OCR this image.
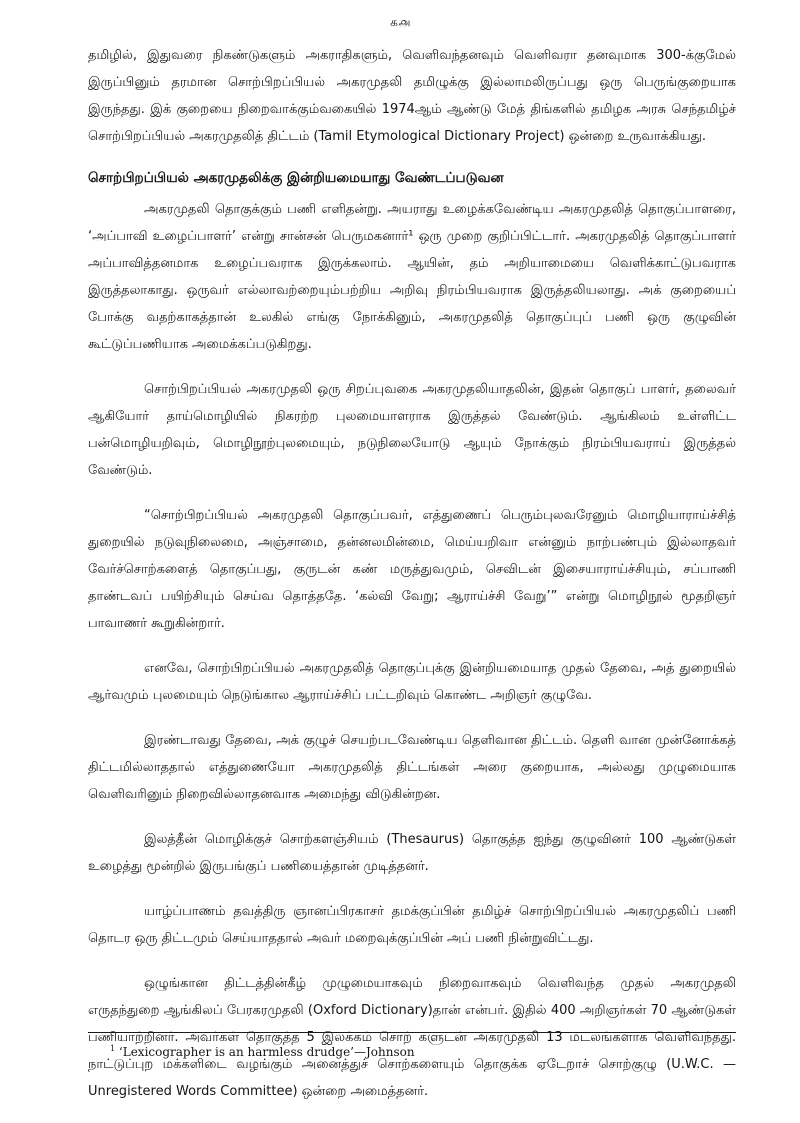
௧௮

தமிழில், இதுவரை நிகண்டுகளும் அகராதிகளும், வெளிவந்தனவும் வெளிவரா தனவுமாக 300-க்குமேல் இருப்பினும் தரமான சொற்பிறப்பியல் அகரமுதலி தமிழுக்கு இல்லாமலிருப்பது ஒரு பெருங்குறையாக இருந்தது. இக் குறையை நிறைவாக்கும்வகையில் 1974ஆம் ஆண்டு மேத் திங்களில் தமிழக அரசு செந்தமிழ்ச் சொற்பிறப்பியல் அகரமுதலித் திட்டம் (Tamil Etymological Dictionary Project) ஒன்றை உருவாக்கியது.

சொற்பிறப்பியல் அகரமுதலிக்கு இன்றியமையாது வேண்டப்படுவன

அகரமுதலி தொகுக்கும் பணி எளிதன்று. அயராது உழைக்கவேண்டிய அகரமுதலித் தொகுப்பாளரை, ‘அப்பாவி உழைப்பாளர்’ என்று சான்சன் பெருமகனார்¹ ஒரு முறை குறிப்பிட்டார். அகரமுதலித் தொகுப்பாளர் அப்பாவித்தனமாக உழைப்பவராக இருக்கலாம். ஆயின், தம் அறியாமையை வெளிக்காட்டுபவராக இருத்தலாகாது. ஒருவர் எல்லாவற்றையும்பற்றிய அறிவு நிரம்பியவராக இருத்தலியலாது. அக் குறையைப் போக்கு வதற்காகத்தான் உலகில் எங்கு நோக்கினும், அகரமுதலித் தொகுப்புப் பணி ஒரு குழுவின் கூட்டுப்பணியாக அமைக்கப்படுகிறது.

சொற்பிறப்பியல் அகரமுதலி ஒரு சிறப்புவகை அகரமுதலியாதலின், இதன் தொகுப் பாளர், தலைவர் ஆகியோர் தாய்மொழியில் நிகரற்ற புலமையாளராக இருத்தல் வேண்டும். ஆங்கிலம் உள்ளிட்ட பன்மொழியறிவும், மொழிநூற்புலமையும், நடுநிலையோடு ஆயும் நோக்கும் நிரம்பியவராய் இருத்தல் வேண்டும்.

“சொற்பிறப்பியல் அகரமுதலி தொகுப்பவர், எத்துணைப் பெரும்புலவரேனும் மொழியாராய்ச்சித் துறையில் நடுவுநிலைமை, அஞ்சாமை, தன்னலமின்மை, மெய்யறிவா என்னும் நாற்பண்பும் இல்லாதவர் வேர்ச்சொற்களைத் தொகுப்பது, குருடன் கண் மருத்துவமும், செவிடன் இசையாராய்ச்சியும், சப்பாணி தாண்டவப் பயிற்சியும் செய்வ தொத்ததே. ‘கல்வி வேறு; ஆராய்ச்சி வேறு’” என்று மொழிநூல் மூதறிஞர் பாவாணர் கூறுகின்றார்.

எனவே, சொற்பிறப்பியல் அகரமுதலித் தொகுப்புக்கு இன்றியமையாத முதல் தேவை, அத் துறையில் ஆர்வமும் புலமையும் நெடுங்கால ஆராய்ச்சிப் பட்டறிவும் கொண்ட அறிஞர் குழுவே.

இரண்டாவது தேவை, அக் குழுச் செயற்படவேண்டிய தெளிவான திட்டம். தெளி வான முன்னோக்கத் திட்டமில்லாததால் எத்துணையோ அகரமுதலித் திட்டங்கள் அரை குறையாக, அல்லது முழுமையாக வெளிவரினும் நிறைவில்லாதனவாக அமைந்து விடுகின்றன.

இலத்தீன் மொழிக்குச் சொற்களஞ்சியம் (Thesaurus) தொகுத்த ஐந்து குழுவினர் 100 ஆண்டுகள் உழைத்து மூன்றில் இருபங்குப் பணியைத்தான் முடித்தனர்.

யாழ்ப்பாணம் தவத்திரு ஞானப்பிரகாசர் தமக்குப்பின் தமிழ்ச் சொற்பிறப்பியல் அகரமுதலிப் பணி தொடர ஒரு திட்டமும் செய்யாததால் அவர் மறைவுக்குப்பின் அப் பணி நின்றுவிட்டது.

ஒழுங்கான திட்டத்தின்கீழ் முழுமையாகவும் நிறைவாகவும் வெளிவந்த முதல் அகரமுதலி எருதந்துறை ஆங்கிலப் பேரகரமுதலி (Oxford Dictionary)தான் என்பர். இதில் 400 அறிஞர்கள் 70 ஆண்டுகள் பணியாற்றினர். அவர்கள் தொகுத்த 5 இலக்கம் சொற் களுடன் அகரமுதலி 13 மடலங்களாக வெளிவந்தது. நாட்டுப்புற மக்களிடை வழங்கும் அனைத்துச் சொற்களையும் தொகுக்க ஏடேறாச் சொற்குழு (U.W.C. — Unregistered Words Committee) ஒன்றை அமைத்தனர்.

$^1$ ‘Lexicographer is an harmless drudge’—Johnson
